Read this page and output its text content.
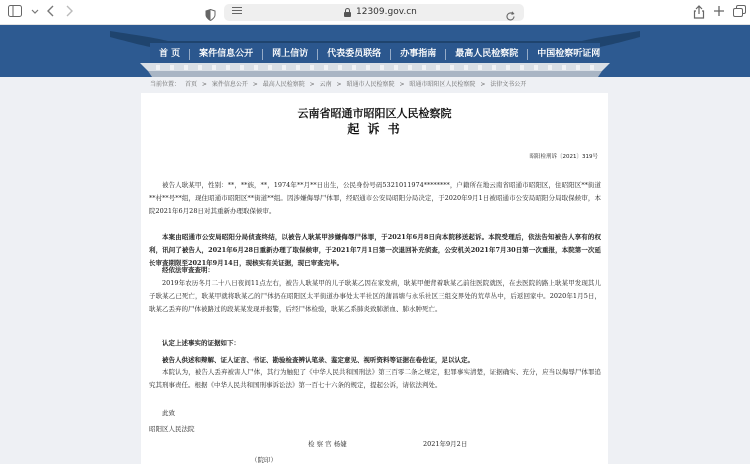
12309.gov.cn
首 页	案件信息公开	网上信访	代表委员联络	办事指南	最高人民检察院	中国检察听证网
当前位置： 首页 > 案件信息公开 > 最高人民检察院 > 云南 > 昭通市人民检察院 > 昭通市昭阳区人民检察院 > 法律文书公开
云南省昭通市昭阳区人民检察院
起 诉 书
昭阳检刑诉〔2021〕319号
被告人耿某甲，性别：**，**族，**，1974年**月**日出生，公民身份号码5321011974********，户籍所在地云南省昭通市昭阳区，住昭阳区**街道**村**号**组，现住昭通市昭阳区**街道**组。因涉嫌侮辱尸体罪，经昭通市公安局昭阳分局决定，于2020年9月1日被昭通市公安局昭阳分局取保候审，本院2021年6月28日对其重新办理取保候审。
本案由昭通市公安局昭阳分局侦查终结，以被告人耿某甲涉嫌侮辱尸体罪，于2021年6月8日向本院移送起诉。本院受理后，依法告知被告人享有的权利，讯问了被告人，2021年6月28日重新办理了取保候审，于2021年7月1日第一次退回补充侦查，公安机关2021年7月30日第一次重报，本院第一次延长审查期限至2021年9月14日，现核实有关证据，现已审查完毕。
经依法审查查明：
2019年农历冬月二十八日夜间11点左右，被告人耿某甲的儿子耿某乙因在家发病，耿某甲便背着耿某乙前往医院就医，在去医院的路上耿某甲发现其儿子耿某乙已死亡，耿某甲就将耿某乙的尸体扔在昭阳区太平街道办事处太平社区的蒲昌塘与永乐社区三组交界处的荒草丛中，后返回家中。2020年1月5日，耿某乙丢弃的尸体被路过的段某某发现并报警，后经尸体检验，耿某乙系肺炎致肺淤血、肺水肿死亡。
认定上述事实的证据如下：
被告人供述和辩解、证人证言、书证、勘验检查辨认笔录、鉴定意见、视听资料等证据在卷佐证，足以认定。
本院认为，被告人丢弃被害人尸体，其行为触犯了《中华人民共和国刑法》第三百零二条之规定，犯罪事实清楚，证据确实、充分，应当以侮辱尸体罪追究其刑事责任。根据《中华人民共和国刑事诉讼法》第一百七十六条的规定，提起公诉，请依法判处。
此致
昭阳区人民法院
检 察 官 杨婕	2021年9月2日
（院印）
